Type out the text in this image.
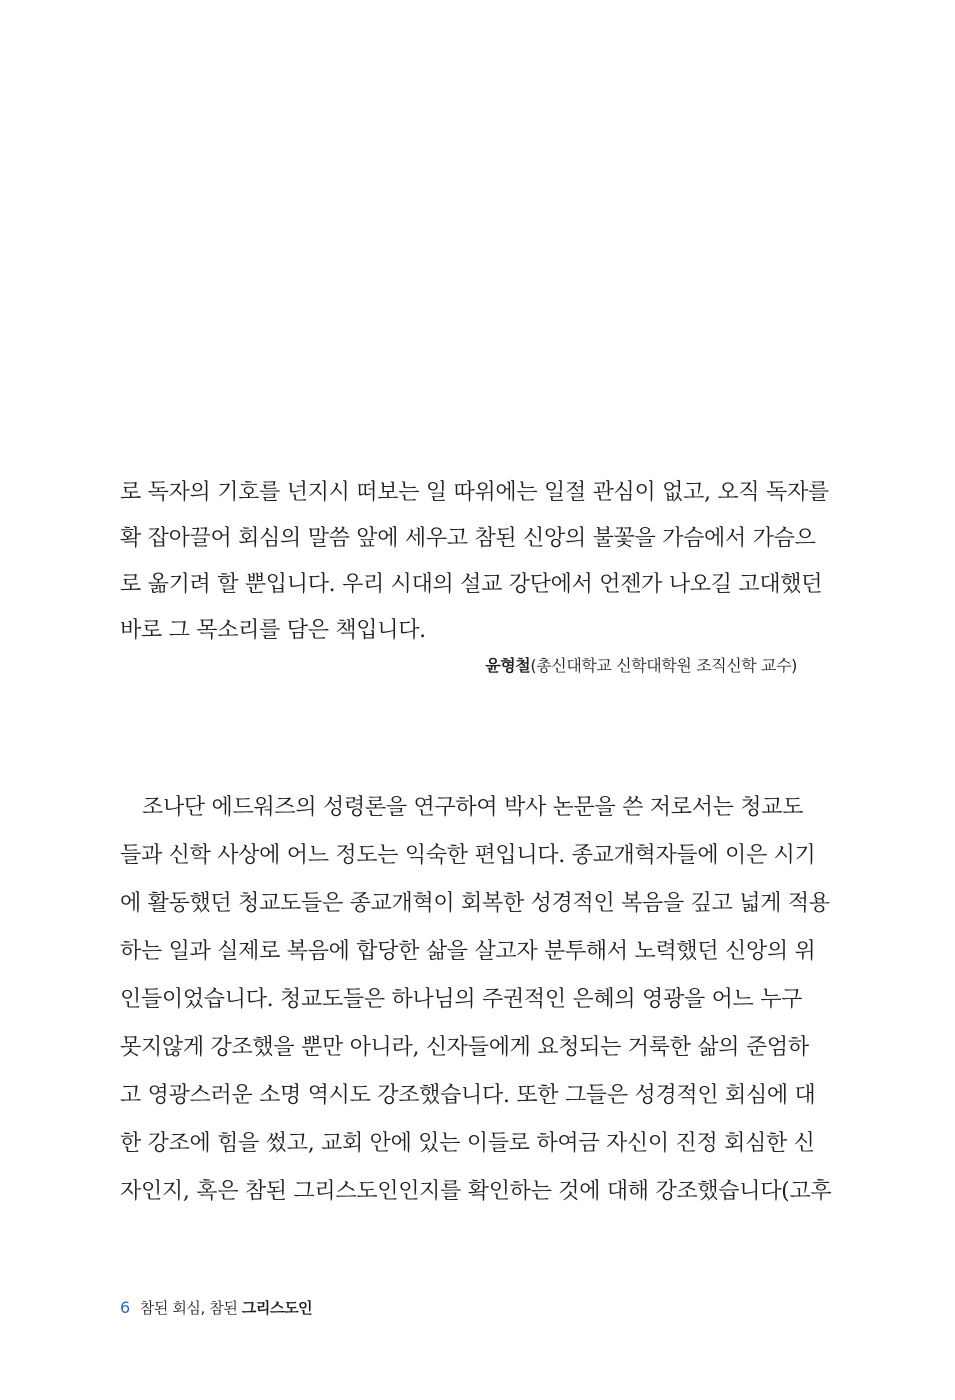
로 독자의 기호를 넌지시 떠보는 일 따위에는 일절 관심이 없고, 오직 독자를
확 잡아끌어 회심의 말씀 앞에 세우고 참된 신앙의 불꽃을 가슴에서 가슴으
로 옮기려 할 뿐입니다. 우리 시대의 설교 강단에서 언젠가 나오길 고대했던
바로 그 목소리를 담은 책입니다.
윤형철(총신대학교 신학대학원 조직신학 교수)
조나단 에드워즈의 성령론을 연구하여 박사 논문을 쓴 저로서는 청교도
들과 신학 사상에 어느 정도는 익숙한 편입니다. 종교개혁자들에 이은 시기
에 활동했던 청교도들은 종교개혁이 회복한 성경적인 복음을 깊고 넓게 적용
하는 일과 실제로 복음에 합당한 삶을 살고자 분투해서 노력했던 신앙의 위
인들이었습니다. 청교도들은 하나님의 주권적인 은혜의 영광을 어느 누구
못지않게 강조했을 뿐만 아니라, 신자들에게 요청되는 거룩한 삶의 준엄하
고 영광스러운 소명 역시도 강조했습니다. 또한 그들은 성경적인 회심에 대
한 강조에 힘을 썼고, 교회 안에 있는 이들로 하여금 자신이 진정 회심한 신
자인지, 혹은 참된 그리스도인인지를 확인하는 것에 대해 강조했습니다(고후
6 참된 회심, 참된 그리스도인
